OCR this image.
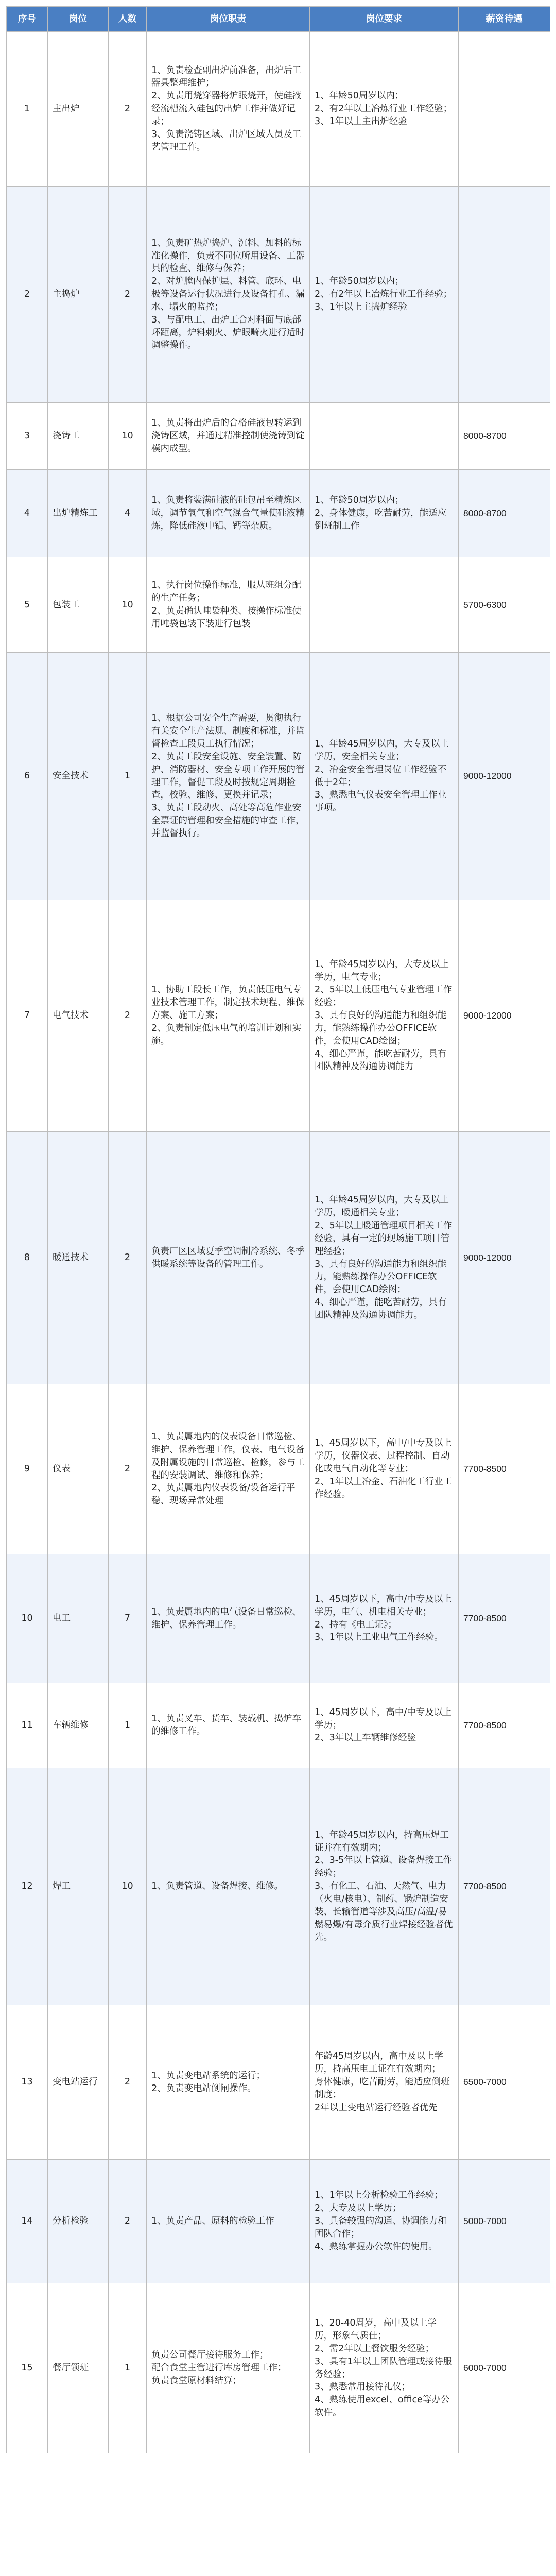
序号	岗位	人数	岗位职责	岗位要求	薪资待遇
1	主出炉	2	1、负责检查副出炉前准备，出炉后工器具整理维护；
2、负责用烧穿器将炉眼烧开，使硅液经流槽流入硅包的出炉工作并做好记录；
3、负责浇铸区域、出炉区域人员及工艺管理工作。	1、年龄50周岁以内；
2、有2年以上冶炼行业工作经验；
3、1年以上主出炉经验	
2	主捣炉	2	1、负责矿热炉捣炉、沉料、加料的标准化操作，负责不同位所用设备、工器具的检查、维修与保养；
2、对炉膛内保护层、料管、底环、电极等设备运行状况进行及设备打孔、漏水、塌火的监控；
3、与配电工、出炉工合对料面与底部环距离，炉料刺火、炉眼畸火进行适时调整操作。	1、年龄50周岁以内；
2、有2年以上冶炼行业工作经验；
3、1年以上主捣炉经验	
3	浇铸工	10	1、负责将出炉后的合格硅液包转运到浇铸区域，并通过精准控制使浇铸到锭模内成型。		8000-8700
4	出炉精炼工	4	1、负责将装满硅液的硅包吊至精炼区域，调节氧气和空气混合气量使硅液精炼，降低硅液中铝、钙等杂质。	1、年龄50周岁以内；
2、身体健康，吃苦耐劳，能适应倒班制工作	8000-8700
5	包装工	10	1、执行岗位操作标准，服从班组分配的生产任务；
2、负责确认吨袋种类、按操作标准使用吨袋包装下装进行包装		5700-6300
6	安全技术	1	1、根据公司安全生产需要，贯彻执行有关安全生产法规、制度和标准，并监督检查工段员工执行情况；
2、负责工段安全设施、安全装置、防护、消防器材、安全专项工作开展的管理工作，督促工段及时按规定周期检查，校验、维修、更换并记录；
3、负责工段动火、高处等高危作业安全票证的管理和安全措施的审查工作，并监督执行。	1、年龄45周岁以内，大专及以上学历，安全相关专业；
2、冶金安全管理岗位工作经验不低于2年；
3、熟悉电气仪表安全管理工作业事项。	9000-12000
7	电气技术	2	1、协助工段长工作，负责低压电气专业技术管理工作，制定技术规程、维保方案、施工方案；
2、负责制定低压电气的培训计划和实施。	1、年龄45周岁以内，大专及以上学历，电气专业；
2、5年以上低压电气专业管理工作经验；
3、具有良好的沟通能力和组织能力，能熟练操作办公OFFICE软件，会使用CAD绘图；
4、细心严谨，能吃苦耐劳，具有团队精神及沟通协调能力	9000-12000
8	暖通技术	2	负责厂区区域夏季空调制冷系统、冬季供暖系统等设备的管理工作。	1、年龄45周岁以内，大专及以上学历，暖通相关专业；
2、5年以上暖通管理项目相关工作经验，具有一定的现场施工项目管理经验；
3、具有良好的沟通能力和组织能力，能熟练操作办公OFFICE软件，会使用CAD绘图；
4、细心严谨，能吃苦耐劳，具有团队精神及沟通协调能力。	9000-12000
9	仪表	2	1、负责属地内的仪表设备日常巡检、维护、保养管理工作，仪表、电气设备及附属设施的日常巡检、检修，参与工程的安装调试、维修和保养；
2、负责属地内仪表设备/设备运行平稳、现场异常处理	1、45周岁以下，高中/中专及以上学历，仪器仪表、过程控制、自动化或电气自动化等专业；
2、1年以上冶金、石油化工行业工作经验。	7700-8500
10	电工	7	1、负责属地内的电气设备日常巡检、维护、保养管理工作。	1、45周岁以下，高中/中专及以上学历，电气、机电相关专业；
2、持有《电工证》；
3、1年以上工业电气工作经验。	7700-8500
11	车辆维修	1	1、负责叉车、货车、装载机、捣炉车的维修工作。	1、45周岁以下，高中/中专及以上学历；
2、3年以上车辆维修经验	7700-8500
12	焊工	10	1、负责管道、设备焊接、维修。	1、年龄45周岁以内，持高压焊工证并在有效期内；
2、3-5年以上管道、设备焊接工作经验；
3、有化工、石油、天然气、电力（火电/核电）、制药、锅炉制造安装、长输管道等涉及高压/高温/易燃易爆/有毒介质行业焊接经验者优先。	7700-8500
13	变电站运行	2	1、负责变电站系统的运行；
2、负责变电站倒闸操作。	年龄45周岁以内，高中及以上学历，持高压电工证在有效期内；
身体健康，吃苦耐劳，能适应倒班制度；
2年以上变电站运行经验者优先	6500-7000
14	分析检验	2	1、负责产品、原料的检验工作	1、1年以上分析检验工作经验；
2、大专及以上学历；
3、具备较强的沟通、协调能力和团队合作；
4、熟练掌握办公软件的使用。	5000-7000
15	餐厅领班	1	负责公司餐厅接待服务工作；
配合食堂主管进行库房管理工作；
负责食堂原材料结算；	1、20-40周岁，高中及以上学历，形象气质佳；
2、需2年以上餐饮服务经验；
3、具有1年以上团队管理或接待服务经验；
3、熟悉常用接待礼仪；
4、熟练使用excel、office等办公软件。	6000-7000
